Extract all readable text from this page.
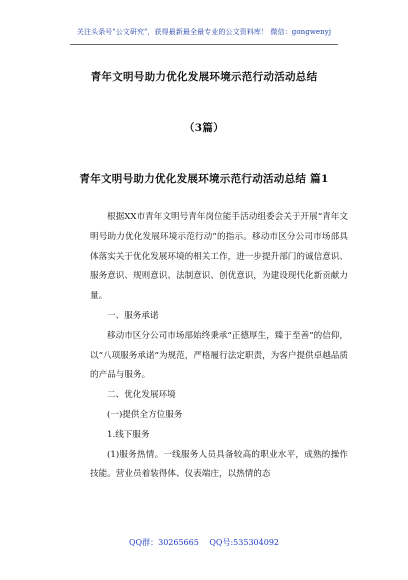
关注头条号"公文研究"，获得最新最全最专业的公文资料库！ 微信：gongwenyj
青年文明号助力优化发展环境示范行动活动总结
（3篇）
青年文明号助力优化发展环境示范行动活动总结 篇1

根据XX市青年文明号青年岗位能手活动组委会关于开展“青年文明号助力优化发展环境示范行动”的指示。移动市区分公司市场部具体落实关于优化发展环境的相关工作，进一步提升部门的诚信意识、服务意识、规则意识、法制意识、创优意识，为建设现代化新贡献力量。

一、服务承诺

移动市区分公司市场部始终秉承“正德厚生，臻于至善”的信仰，以“八项服务承诺”为规范，严格履行法定职责，为客户提供卓越品质的产品与服务。

二、优化发展环境

(一)提供全方位服务

1.线下服务

(1)服务热情。一线服务人员具备较高的职业水平，成熟的操作技能。营业员着装得体、仪表端庄，以热情的态

QQ群：30265665 QQ号:535304092
